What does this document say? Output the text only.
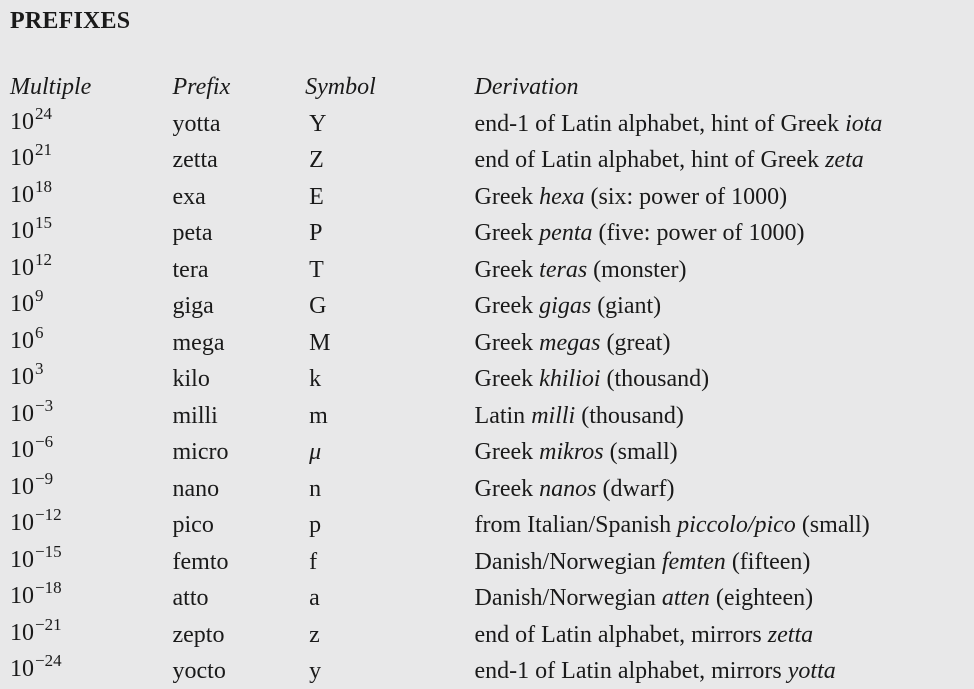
PREFIXES
Multiple	Prefix	Symbol	Derivation
$10^{24}$	yotta	Y	end-1 of Latin alphabet, hint of Greek iota
$10^{21}$	zetta	Z	end of Latin alphabet, hint of Greek zeta
$10^{18}$	exa	E	Greek hexa (six: power of 1000)
$10^{15}$	peta	P	Greek penta (five: power of 1000)
$10^{12}$	tera	T	Greek teras (monster)
$10^9$	giga	G	Greek gigas (giant)
$10^6$	mega	M	Greek megas (great)
$10^3$	kilo	k	Greek khilioi (thousand)
$10^{-3}$	milli	m	Latin milli (thousand)
$10^{-6}$	micro	μ	Greek mikros (small)
$10^{-9}$	nano	n	Greek nanos (dwarf)
$10^{-12}$	pico	p	from Italian/Spanish piccolo/pico (small)
$10^{-15}$	femto	f	Danish/Norwegian femten (fifteen)
$10^{-18}$	atto	a	Danish/Norwegian atten (eighteen)
$10^{-21}$	zepto	z	end of Latin alphabet, mirrors zetta
$10^{-24}$	yocto	y	end-1 of Latin alphabet, mirrors yotta
